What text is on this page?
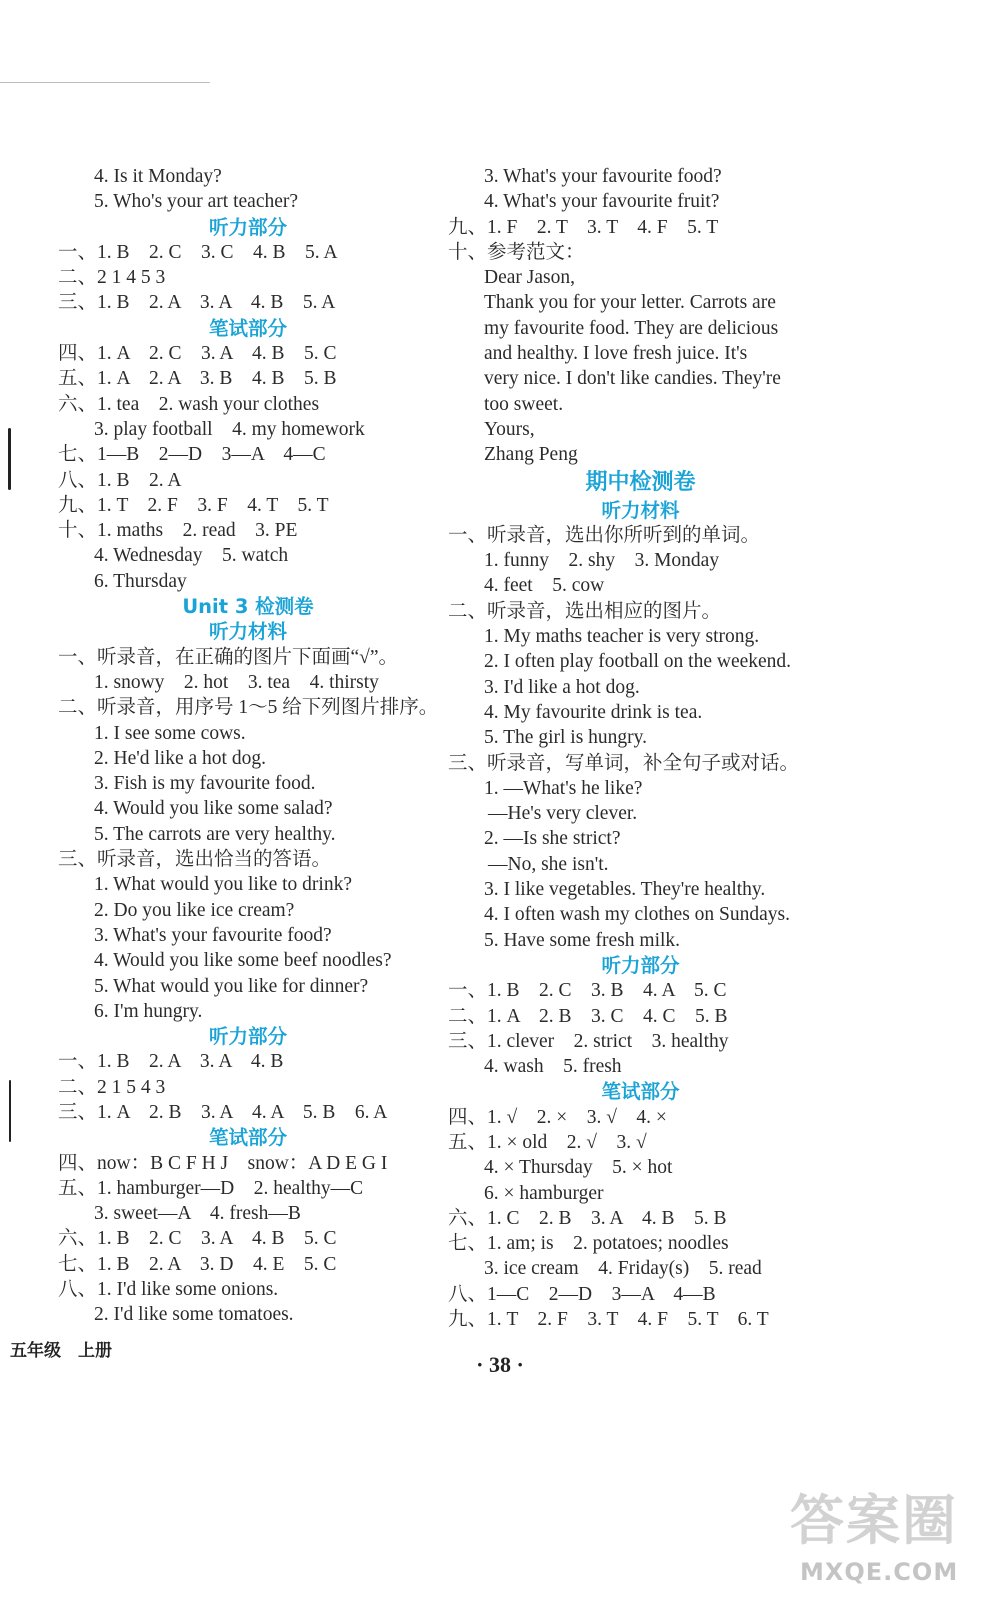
4. Is it Monday?
5. Who's your art teacher?
听力部分
一、1. B　2. C　3. C　4. B　5. A
二、2 1 4 5 3
三、1. B　2. A　3. A　4. B　5. A
笔试部分
四、1. A　2. C　3. A　4. B　5. C
五、1. A　2. A　3. B　4. B　5. B
六、1. tea　2. wash your clothes
3. play football　4. my homework
七、1—B　2—D　3—A　4—C
八、1. B　2. A
九、1. T　2. F　3. F　4. T　5. T
十、1. maths　2. read　3. PE
4. Wednesday　5. watch
6. Thursday
Unit 3 检测卷
听力材料
一、听录音，在正确的图片下面画“√”。
1. snowy　2. hot　3. tea　4. thirsty
二、听录音，用序号 1～5 给下列图片排序。
1. I see some cows.
2. He'd like a hot dog.
3. Fish is my favourite food.
4. Would you like some salad?
5. The carrots are very healthy.
三、听录音，选出恰当的答语。
1. What would you like to drink?
2. Do you like ice cream?
3. What's your favourite food?
4. Would you like some beef noodles?
5. What would you like for dinner?
6. I'm hungry.
听力部分
一、1. B　2. A　3. A　4. B
二、2 1 5 4 3
三、1. A　2. B　3. A　4. A　5. B　6. A
笔试部分
四、now：B C F H J　snow：A D E G I
五、1. hamburger—D　2. healthy—C
3. sweet—A　4. fresh—B
六、1. B　2. C　3. A　4. B　5. C
七、1. B　2. A　3. D　4. E　5. C
八、1. I'd like some onions.
2. I'd like some tomatoes.
3. What's your favourite food?
4. What's your favourite fruit?
九、1. F　2. T　3. T　4. F　5. T
十、参考范文：
Dear Jason,
Thank you for your letter. Carrots are
my favourite food. They are delicious
and healthy. I love fresh juice. It's
very nice. I don't like candies. They're
too sweet.
Yours,
Zhang Peng
期中检测卷
听力材料
一、听录音，选出你所听到的单词。
1. funny　2. shy　3. Monday
4. feet　5. cow
二、听录音，选出相应的图片。
1. My maths teacher is very strong.
2. I often play football on the weekend.
3. I'd like a hot dog.
4. My favourite drink is tea.
5. The girl is hungry.
三、听录音，写单词，补全句子或对话。
1. —What's he like?
—He's very clever.
2. —Is she strict?
—No, she isn't.
3. I like vegetables. They're healthy.
4. I often wash my clothes on Sundays.
5. Have some fresh milk.
听力部分
一、1. B　2. C　3. B　4. A　5. C
二、1. A　2. B　3. C　4. C　5. B
三、1. clever　2. strict　3. healthy
4. wash　5. fresh
笔试部分
四、1. √　2. ×　3. √　4. ×
五、1. × old　2. √　3. √
4. × Thursday　5. × hot
6. × hamburger
六、1. C　2. B　3. A　4. B　5. B
七、1. am; is　2. potatoes; noodles
3. ice cream　4. Friday(s)　5. read
八、1—C　2—D　3—A　4—B
九、1. T　2. F　3. T　4. F　5. T　6. T
五年级　上册
· 38 ·
答案圈
MXQE.COM
